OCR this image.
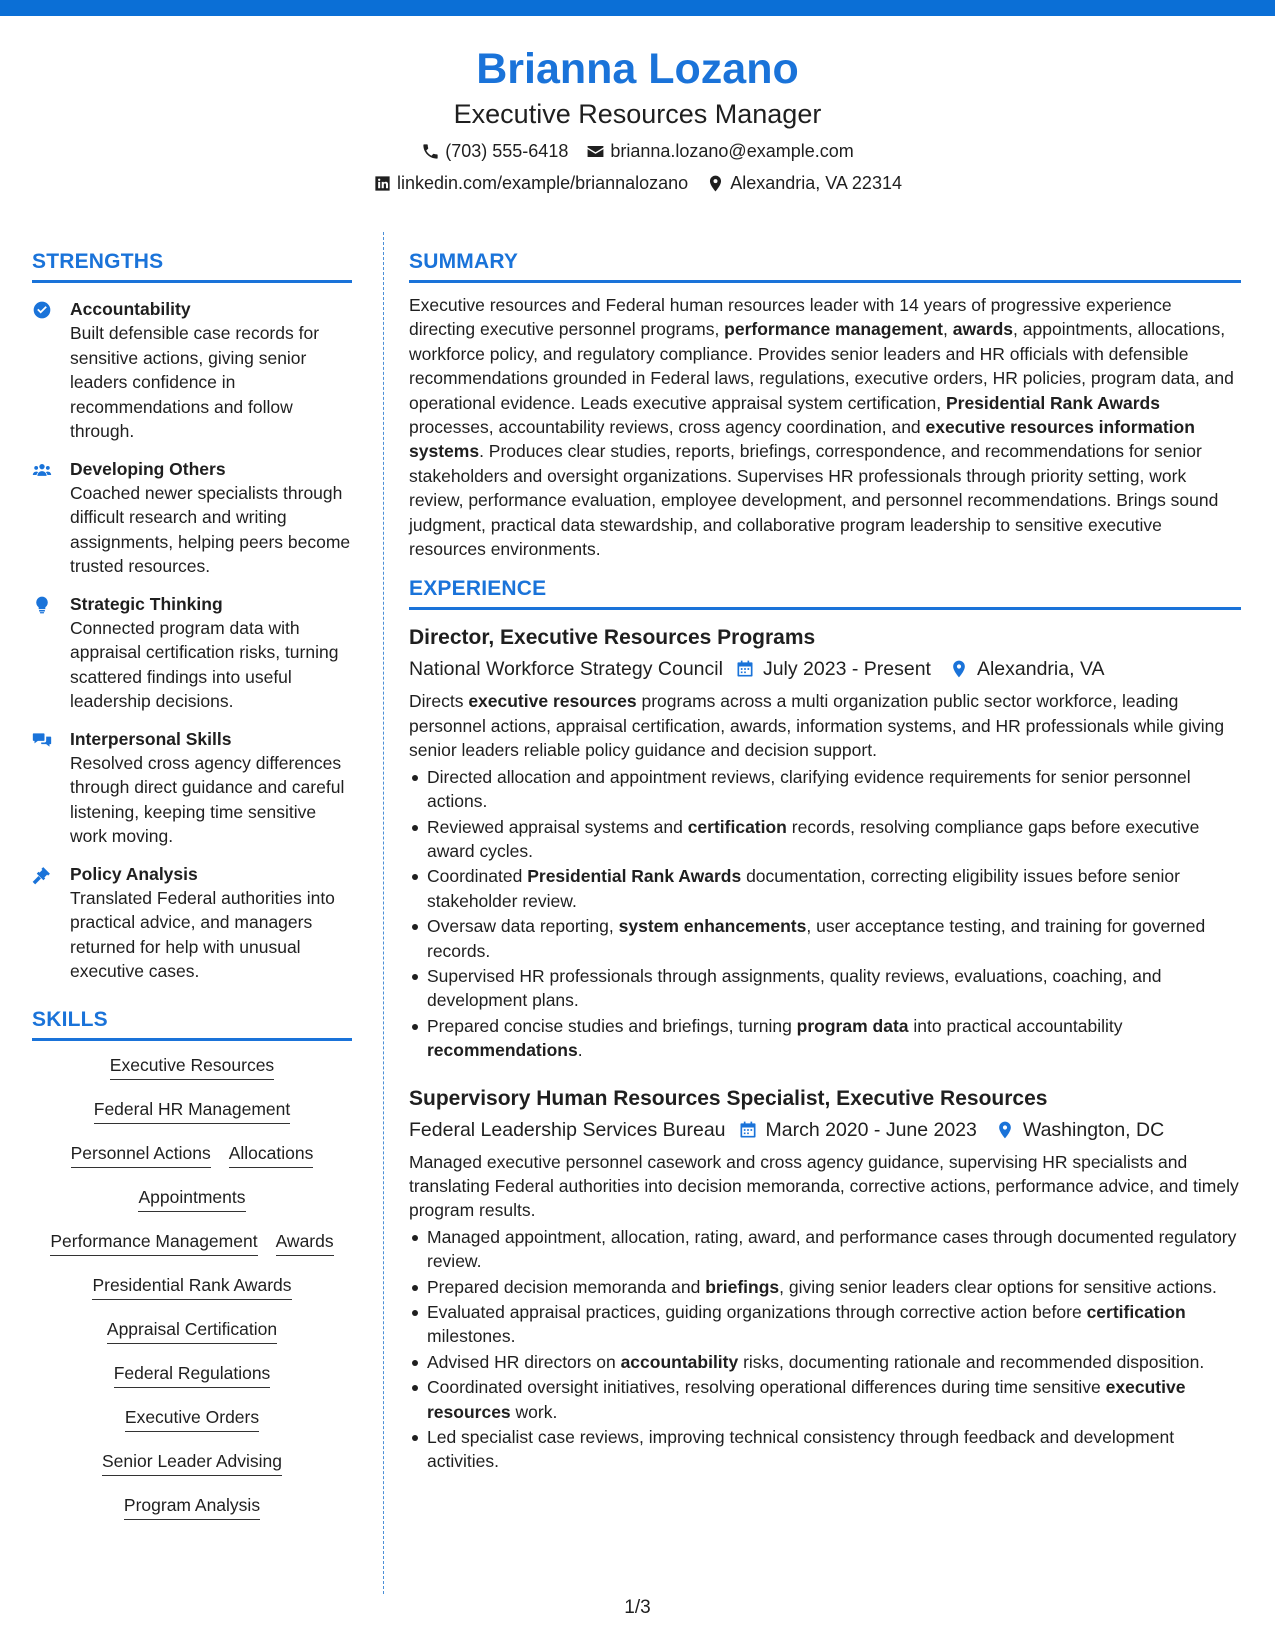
Brianna Lozano
Executive Resources Manager
(703) 555-6418 brianna.lozano@example.com
linkedin.com/example/briannalozano Alexandria, VA 22314
STRENGTHS
Accountability
Built defensible case records for sensitive actions, giving senior leaders confidence in recommendations and follow through.
Developing Others
Coached newer specialists through difficult research and writing assignments, helping peers become trusted resources.
Strategic Thinking
Connected program data with appraisal certification risks, turning scattered findings into useful leadership decisions.
Interpersonal Skills
Resolved cross agency differences through direct guidance and careful listening, keeping time sensitive work moving.
Policy Analysis
Translated Federal authorities into practical advice, and managers returned for help with unusual executive cases.
SKILLS
Executive Resources
Federal HR Management
Personnel Actions Allocations
Appointments
Performance Management Awards
Presidential Rank Awards
Appraisal Certification
Federal Regulations
Executive Orders
Senior Leader Advising
Program Analysis
SUMMARY
Executive resources and Federal human resources leader with 14 years of progressive experience directing executive personnel programs, performance management, awards, appointments, allocations, workforce policy, and regulatory compliance. Provides senior leaders and HR officials with defensible recommendations grounded in Federal laws, regulations, executive orders, HR policies, program data, and operational evidence. Leads executive appraisal system certification, Presidential Rank Awards processes, accountability reviews, cross agency coordination, and executive resources information systems. Produces clear studies, reports, briefings, correspondence, and recommendations for senior stakeholders and oversight organizations. Supervises HR professionals through priority setting, work review, performance evaluation, employee development, and personnel recommendations. Brings sound judgment, practical data stewardship, and collaborative program leadership to sensitive executive resources environments.
EXPERIENCE
Director, Executive Resources Programs
National Workforce Strategy Council July 2023 - Present Alexandria, VA
Directs executive resources programs across a multi organization public sector workforce, leading personnel actions, appraisal certification, awards, information systems, and HR professionals while giving senior leaders reliable policy guidance and decision support.
Directed allocation and appointment reviews, clarifying evidence requirements for senior personnel actions.
Reviewed appraisal systems and certification records, resolving compliance gaps before executive award cycles.
Coordinated Presidential Rank Awards documentation, correcting eligibility issues before senior stakeholder review.
Oversaw data reporting, system enhancements, user acceptance testing, and training for governed records.
Supervised HR professionals through assignments, quality reviews, evaluations, coaching, and development plans.
Prepared concise studies and briefings, turning program data into practical accountability recommendations.
Supervisory Human Resources Specialist, Executive Resources
Federal Leadership Services Bureau March 2020 - June 2023 Washington, DC
Managed executive personnel casework and cross agency guidance, supervising HR specialists and translating Federal authorities into decision memoranda, corrective actions, performance advice, and timely program results.
Managed appointment, allocation, rating, award, and performance cases through documented regulatory review.
Prepared decision memoranda and briefings, giving senior leaders clear options for sensitive actions.
Evaluated appraisal practices, guiding organizations through corrective action before certification milestones.
Advised HR directors on accountability risks, documenting rationale and recommended disposition.
Coordinated oversight initiatives, resolving operational differences during time sensitive executive resources work.
Led specialist case reviews, improving technical consistency through feedback and development activities.
1/3
